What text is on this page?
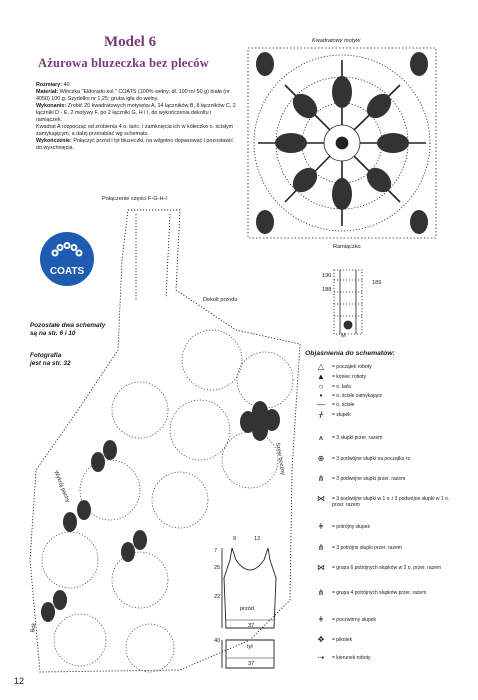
Model 6
Ażurowa bluzeczka bez pleców

Rozmiary: 40

Materiał: Włóczka "Eldorado kol." COATS (100% wełny, dł. 100 m/ 50 g) biała (nr 4050) 100 g. Szydełko nr 1,25; gruba igła do wełny.

Wykonanie: Zrobić 20 kwadratowych motywów A, 14 łączników B, 8 łączników C, 2 łączniki D - E, 2 motywy F, po 2 łączniki G, H i I, do wykończenia dekoltu i ramiączek.

Kwadrat A rozpocząć od zrobienia 4 o. łańc. i zamknięcia ich w kółeczko o. ścisłym zamykającym, a dalej przerabiać wg schematu.

Wykończenie: Połączyć przód i tył bluzeczki, na wilgotno dopasować i pozostawić do wyschnięcia.

COATS
Kwadratowy motyw
Połączenie części F-G-H-I
Dekolt przodu
Pozostałe dwa schematy
są na str. 6 i 10
Fotografia
jest na str. 32
Wykrój pachy
Szew boczny
Bok
Ramiączko
190
188
189
M
Objaśnienia do schematów:
△	= początek roboty
▲	= koniec roboty
○	= o. łańc.
•	= o. ścisłe zamykające
—	= o. ścisłe
ᚋ	= słupek
⩚	= 3 słupki przer. razem
⊕	= 3 podwójne słupki na początku rz.
⋔	= 3 podwójne słupki przer. razem
⋈	= 3 podwójne słupki w 1 o. i 3 podwójne słupki w 1 o. przer. razem
ǂ	= potrójny słupek
⋔	= 3 potrójne słupki przer. razem
⋈	= grupa 6 potrójnych słupków w 2 o. przer. razem
⋔	= grupa 4 potrójnych słupków przer. razem
ǂ	= poczwórny słupek
✥	= pikotek
⇢	= kierunek roboty
przód
tył
37
37
22
9	12
25
7
40
12
